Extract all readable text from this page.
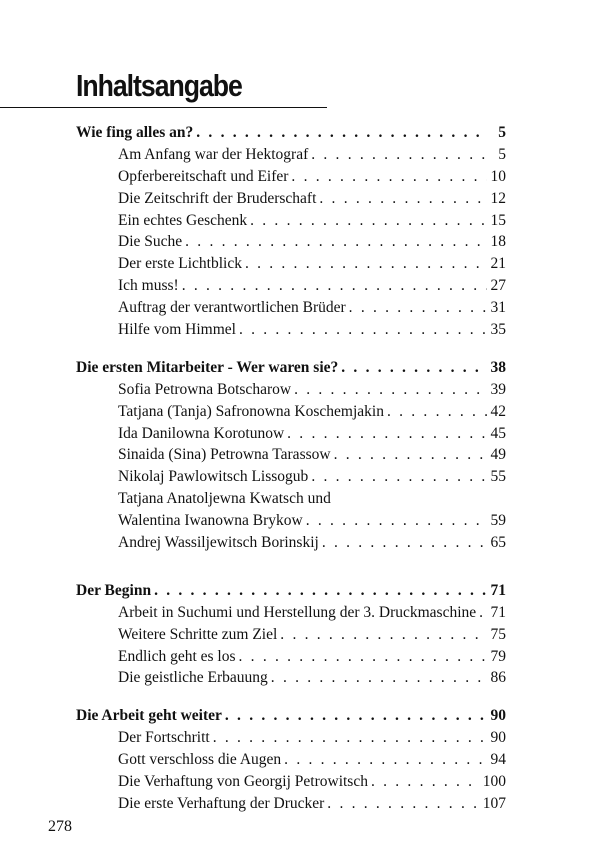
Inhaltsangabe
Wie fing alles an? . . .	5
Am Anfang war der Hektograf . . .	5
Opferbereitschaft und Eifer . . .	10
Die Zeitschrift der Bruderschaft . . .	12
Ein echtes Geschenk . . .	15
Die Suche . . .	18
Der erste Lichtblick . . .	21
Ich muss! . . .	27
Auftrag der verantwortlichen Brüder . . .	31
Hilfe vom Himmel . . .	35
Die ersten Mitarbeiter - Wer waren sie? . . .	38
Sofia Petrowna Botscharow . . .	39
Tatjana (Tanja) Safronowna Koschemjakin . . .	42
Ida Danilowna Korotunow . . .	45
Sinaida (Sina) Petrowna Tarassow . . .	49
Nikolaj Pawlowitsch Lissogub . . .	55
Tatjana Anatoljewna Kwatsch und
Walentina Iwanowna Brykow . . .	59
Andrej Wassiljewitsch Borinskij . . .	65
Der Beginn . . .	71
Arbeit in Suchumi und Herstellung der 3. Druckmaschine . . . 71
Weitere Schritte zum Ziel . . .	75
Endlich geht es los . . .	79
Die geistliche Erbauung . . .	86
Die Arbeit geht weiter . . .	90
Der Fortschritt . . .	90
Gott verschloss die Augen . . .	94
Die Verhaftung von Georgij Petrowitsch . . .	100
Die erste Verhaftung der Drucker . . .	107
278
